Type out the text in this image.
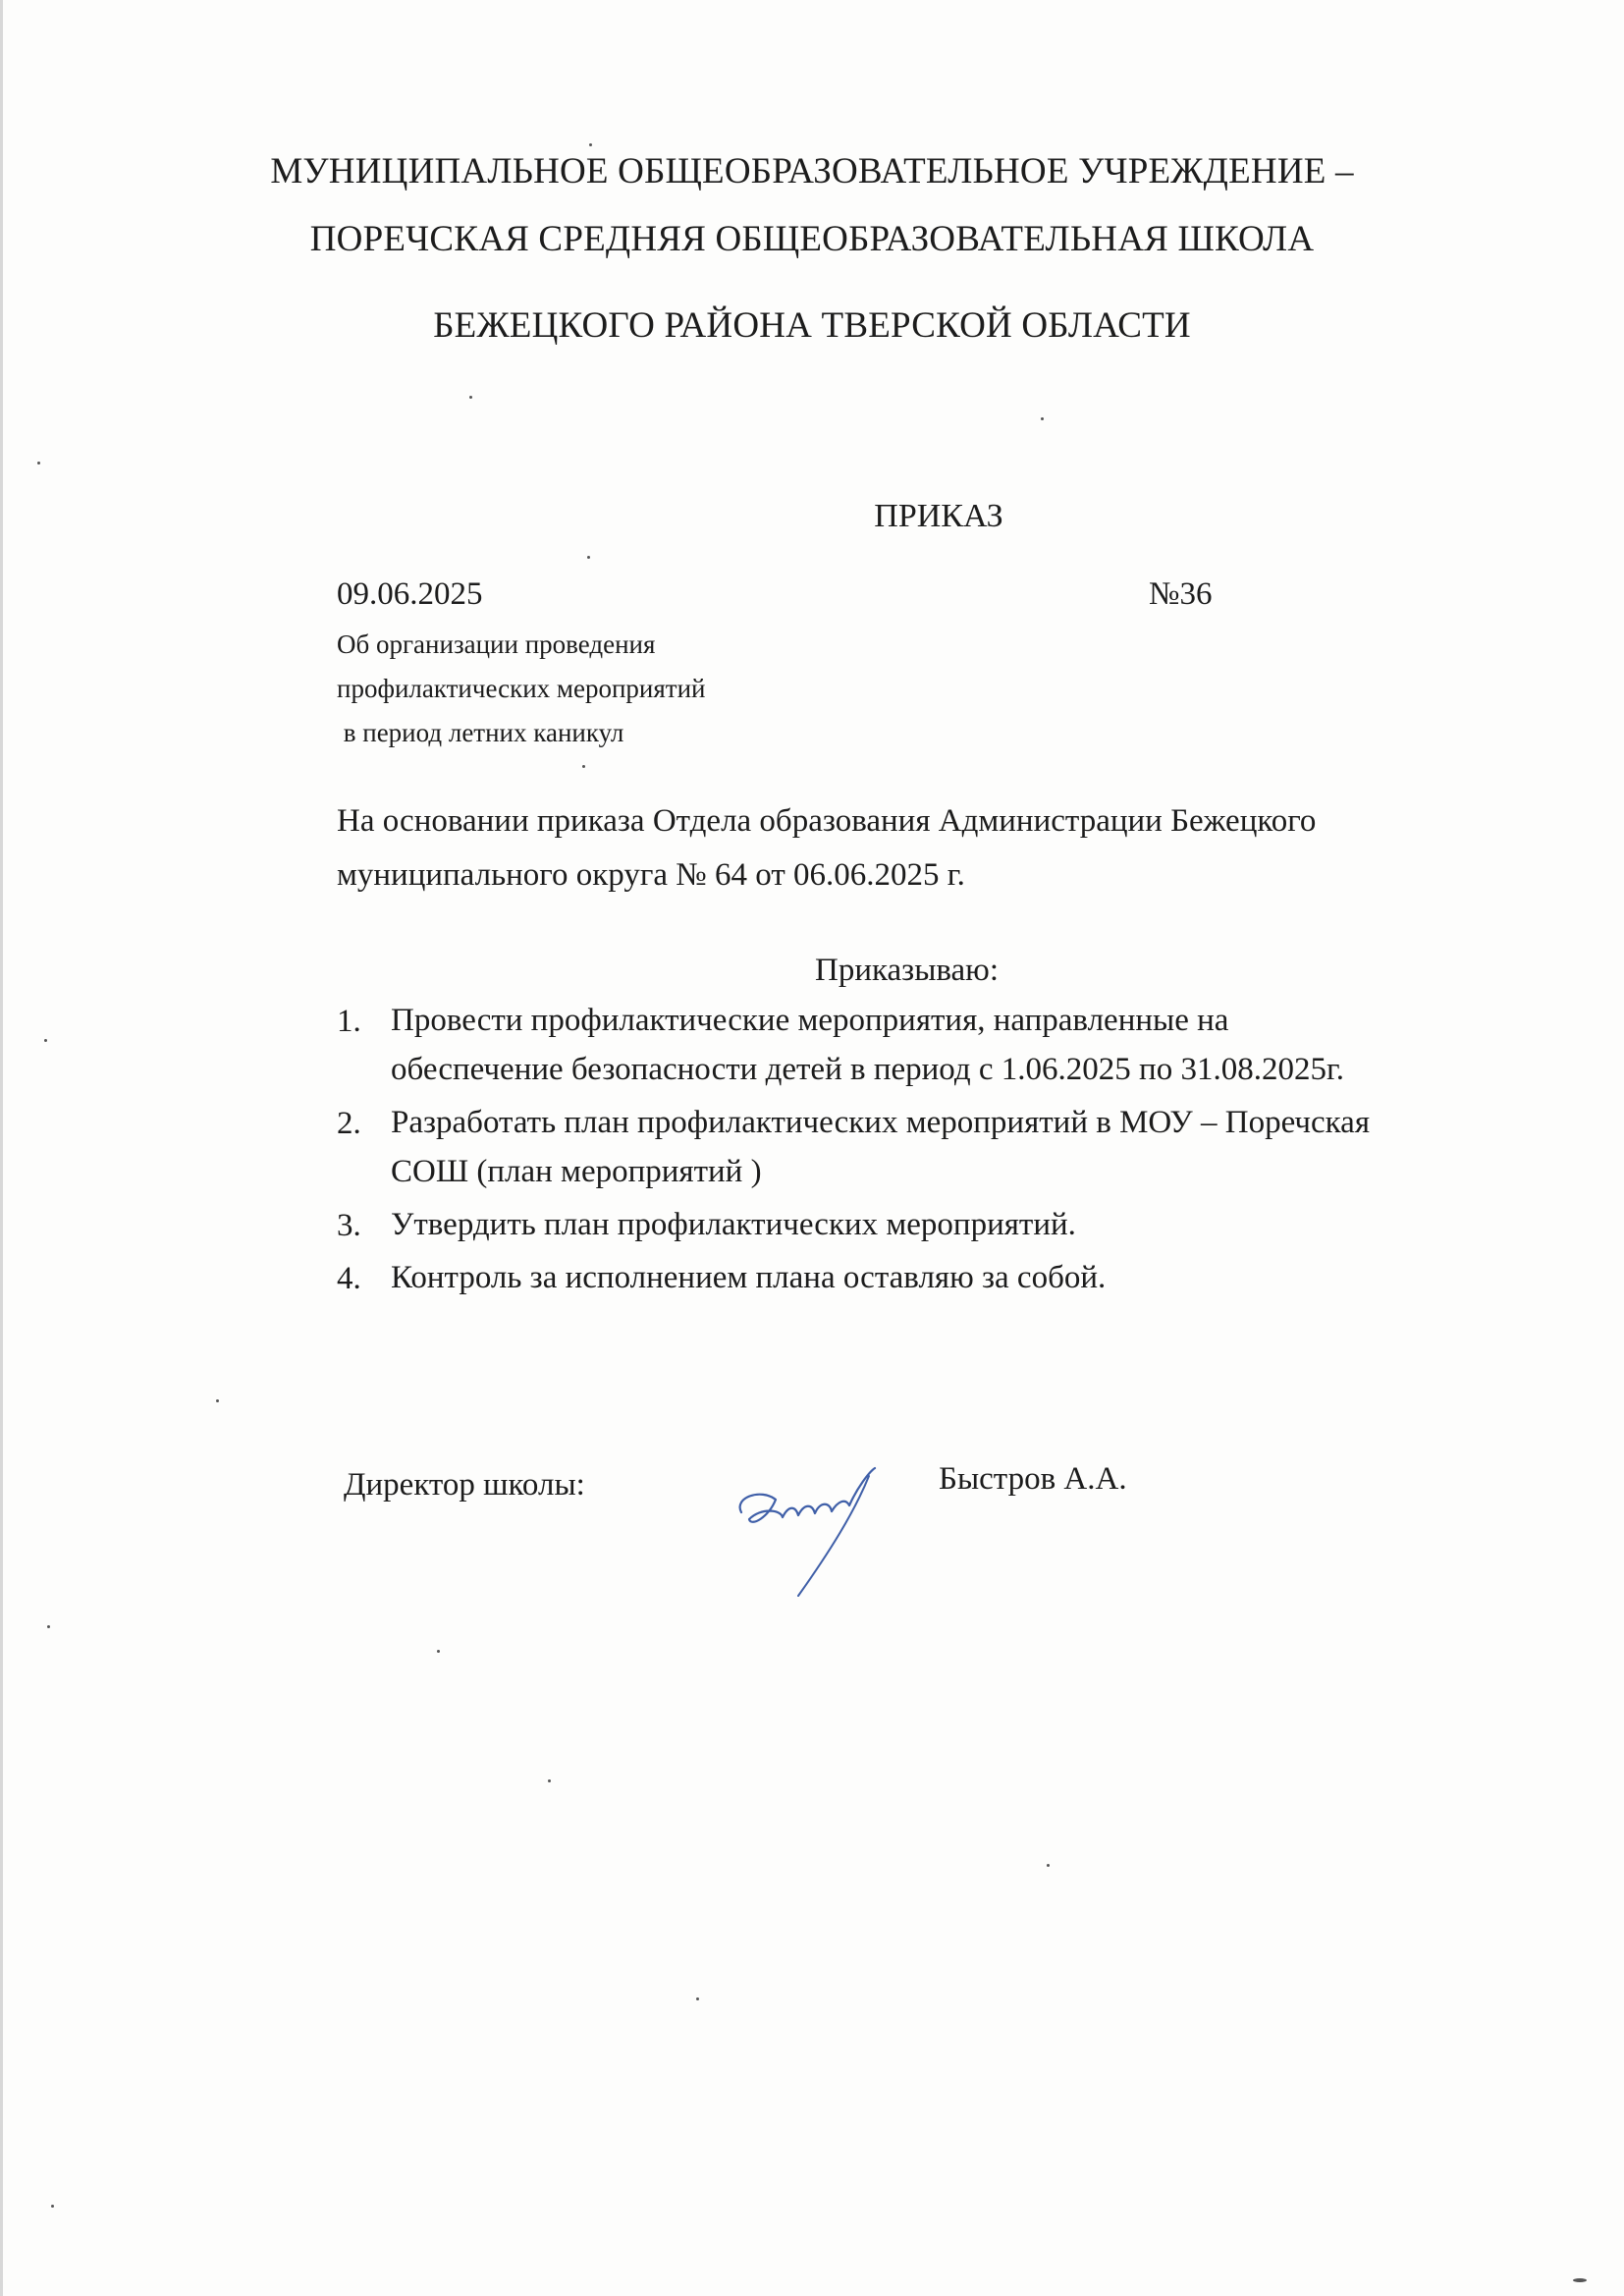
МУНИЦИПАЛЬНОЕ ОБЩЕОБРАЗОВАТЕЛЬНОЕ УЧРЕЖДЕНИЕ –
ПОРЕЧСКАЯ СРЕДНЯЯ ОБЩЕОБРАЗОВАТЕЛЬНАЯ ШКОЛА
БЕЖЕЦКОГО РАЙОНА ТВЕРСКОЙ ОБЛАСТИ
ПРИКАЗ
09.06.2025	№36
Об организации проведения
профилактических мероприятий
в период летних каникул
На основании приказа Отдела образования Администрации Бежецкого
муниципального округа № 64 от 06.06.2025 г.
Приказываю:
1. Провести профилактические мероприятия, направленные на обеспечение безопасности детей в период с 1.06.2025 по 31.08.2025г.
2. Разработать план профилактических мероприятий в МОУ – Поречская СОШ (план мероприятий )
3. Утвердить план профилактических мероприятий.
4. Контроль за исполнением плана оставляю за собой.
Директор школы:	Быстров А.А.
